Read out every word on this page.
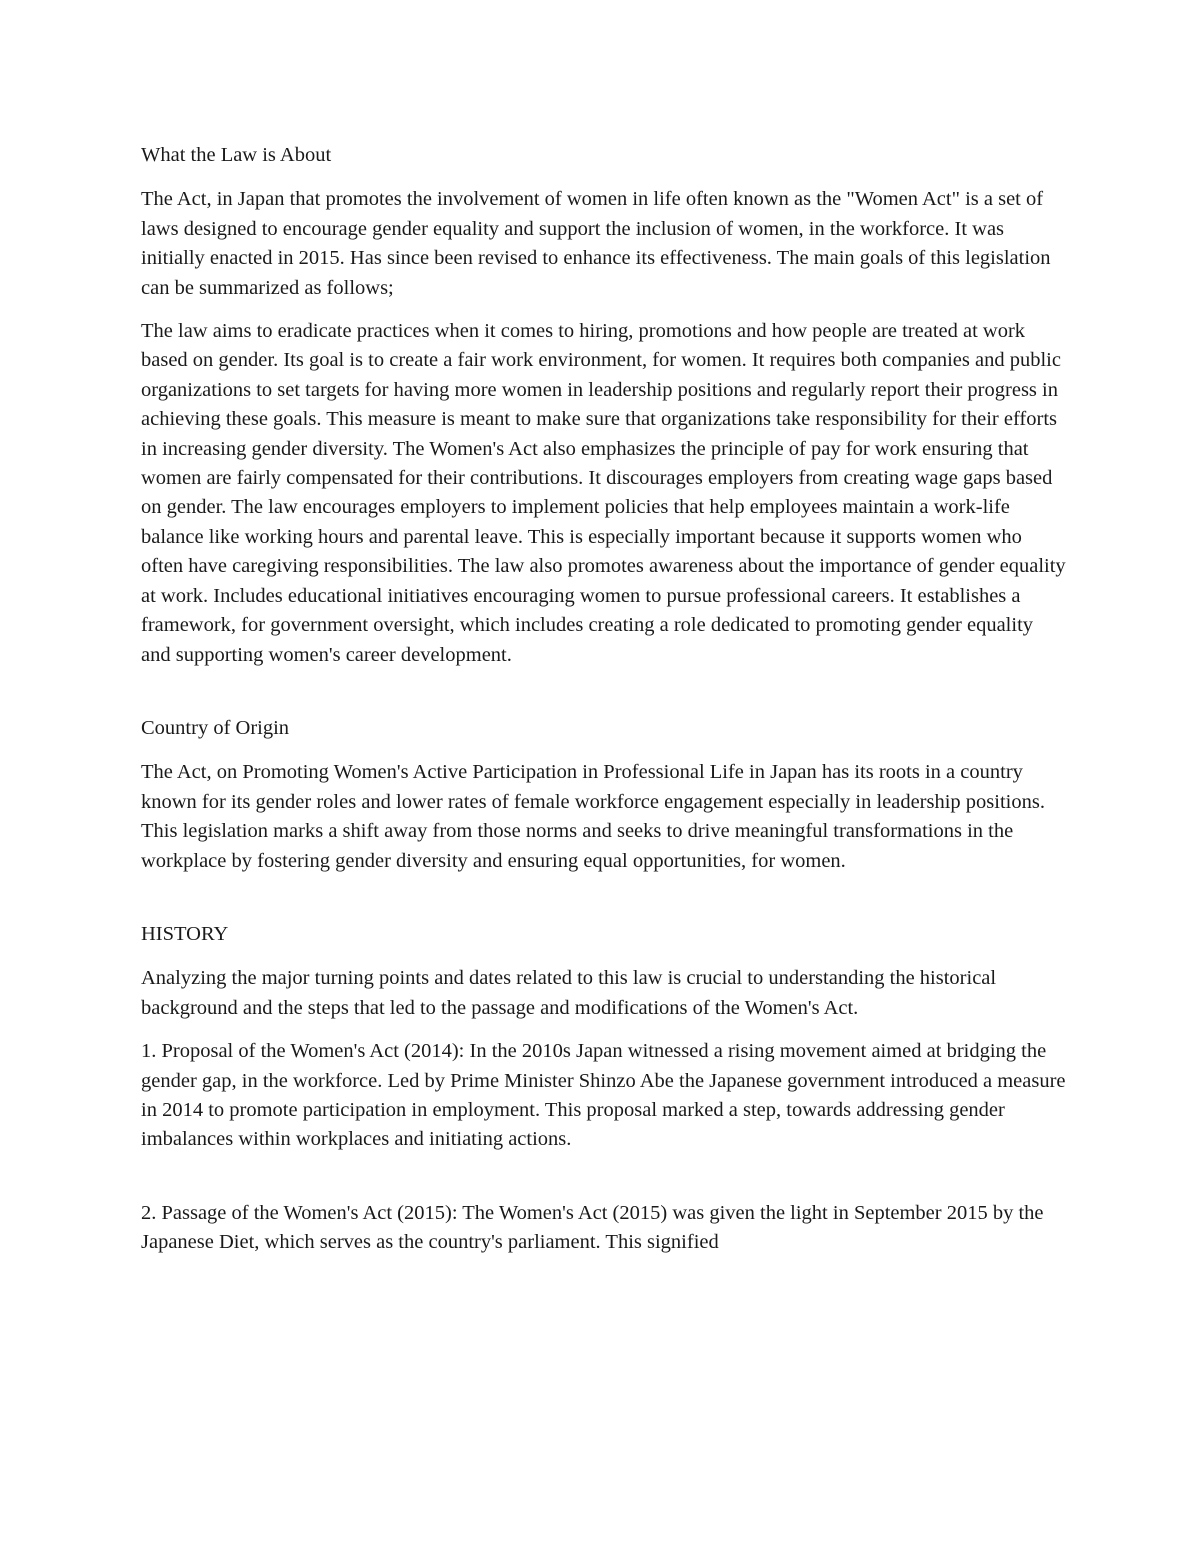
What the Law is About

The Act, in Japan that promotes the involvement of women in life often known as the "Women Act" is a set of laws designed to encourage gender equality and support the inclusion of women, in the workforce. It was initially enacted in 2015. Has since been revised to enhance its effectiveness. The main goals of this legislation can be summarized as follows;

The law aims to eradicate practices when it comes to hiring, promotions and how people are treated at work based on gender. Its goal is to create a fair work environment, for women. It requires both companies and public organizations to set targets for having more women in leadership positions and regularly report their progress in achieving these goals. This measure is meant to make sure that organizations take responsibility for their efforts in increasing gender diversity. The Women's Act also emphasizes the principle of pay for work ensuring that women are fairly compensated for their contributions. It discourages employers from creating wage gaps based on gender. The law encourages employers to implement policies that help employees maintain a work-life balance like working hours and parental leave. This is especially important because it supports women who often have caregiving responsibilities. The law also promotes awareness about the importance of gender equality at work. Includes educational initiatives encouraging women to pursue professional careers. It establishes a framework, for government oversight, which includes creating a role dedicated to promoting gender equality and supporting women's career development.

Country of Origin

The Act, on Promoting Women's Active Participation in Professional Life in Japan has its roots in a country known for its gender roles and lower rates of female workforce engagement especially in leadership positions. This legislation marks a shift away from those norms and seeks to drive meaningful transformations in the workplace by fostering gender diversity and ensuring equal opportunities, for women.

HISTORY

Analyzing the major turning points and dates related to this law is crucial to understanding the historical background and the steps that led to the passage and modifications of the Women's Act.

1. Proposal of the Women's Act (2014): In the 2010s Japan witnessed a rising movement aimed at bridging the gender gap, in the workforce. Led by Prime Minister Shinzo Abe the Japanese government introduced a measure in 2014 to promote participation in employment. This proposal marked a step, towards addressing gender imbalances within workplaces and initiating actions.

2. Passage of the Women's Act (2015): The Women's Act (2015) was given the light in September 2015 by the Japanese Diet, which serves as the country's parliament. This signified
